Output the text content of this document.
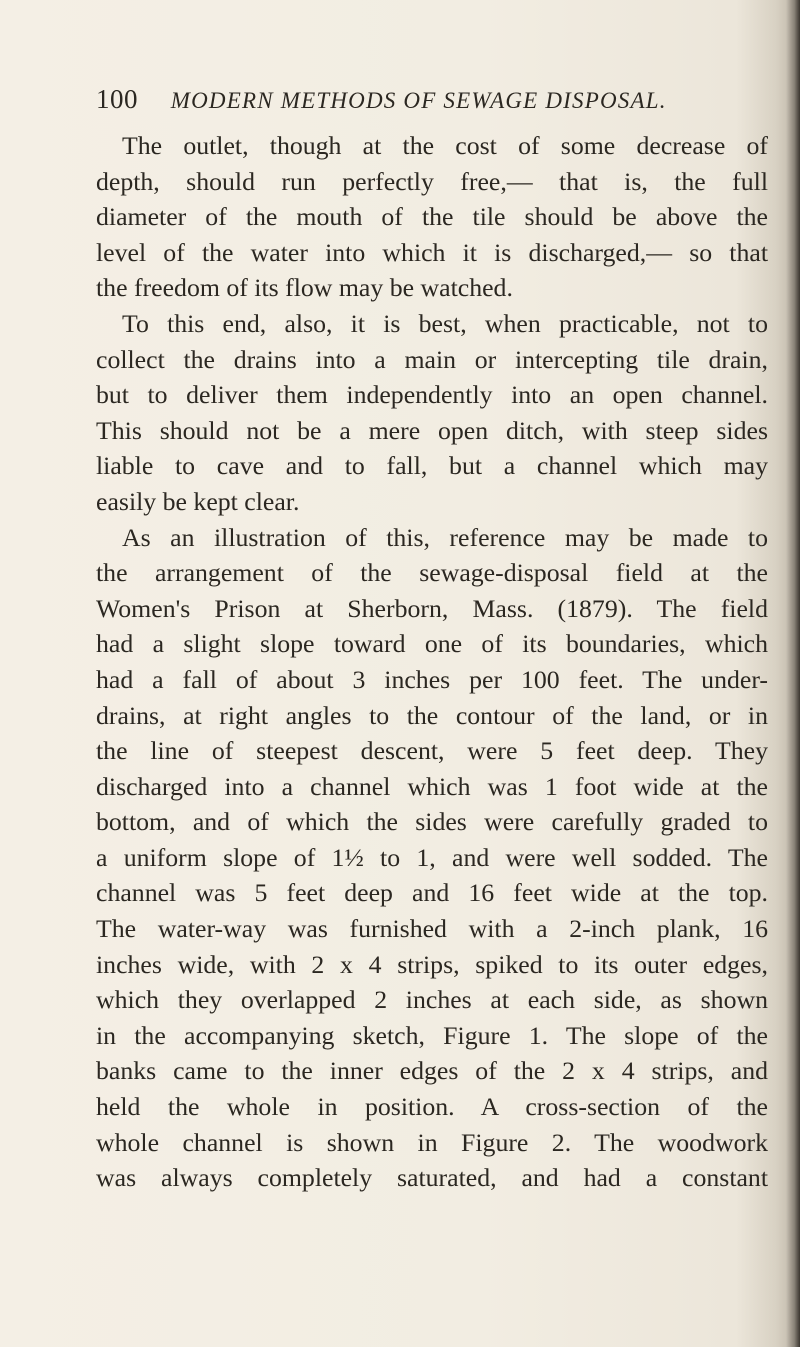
100 MODERN METHODS OF SEWAGE DISPOSAL.
The outlet, though at the cost of some decrease of
depth, should run perfectly free,— that is, the full
diameter of the mouth of the tile should be above the
level of the water into which it is discharged,— so that
the freedom of its flow may be watched.
To this end, also, it is best, when practicable, not to
collect the drains into a main or intercepting tile drain,
but to deliver them independently into an open channel.
This should not be a mere open ditch, with steep sides
liable to cave and to fall, but a channel which may
easily be kept clear.
As an illustration of this, reference may be made to
the arrangement of the sewage-disposal field at the
Women's Prison at Sherborn, Mass. (1879). The field
had a slight slope toward one of its boundaries, which
had a fall of about 3 inches per 100 feet. The under-
drains, at right angles to the contour of the land, or in
the line of steepest descent, were 5 feet deep. They
discharged into a channel which was 1 foot wide at the
bottom, and of which the sides were carefully graded to
a uniform slope of 1½ to 1, and were well sodded. The
channel was 5 feet deep and 16 feet wide at the top.
The water-way was furnished with a 2-inch plank, 16
inches wide, with 2 x 4 strips, spiked to its outer edges,
which they overlapped 2 inches at each side, as shown
in the accompanying sketch, Figure 1. The slope of the
banks came to the inner edges of the 2 x 4 strips, and
held the whole in position. A cross-section of the
whole channel is shown in Figure 2. The woodwork
was always completely saturated, and had a constant
